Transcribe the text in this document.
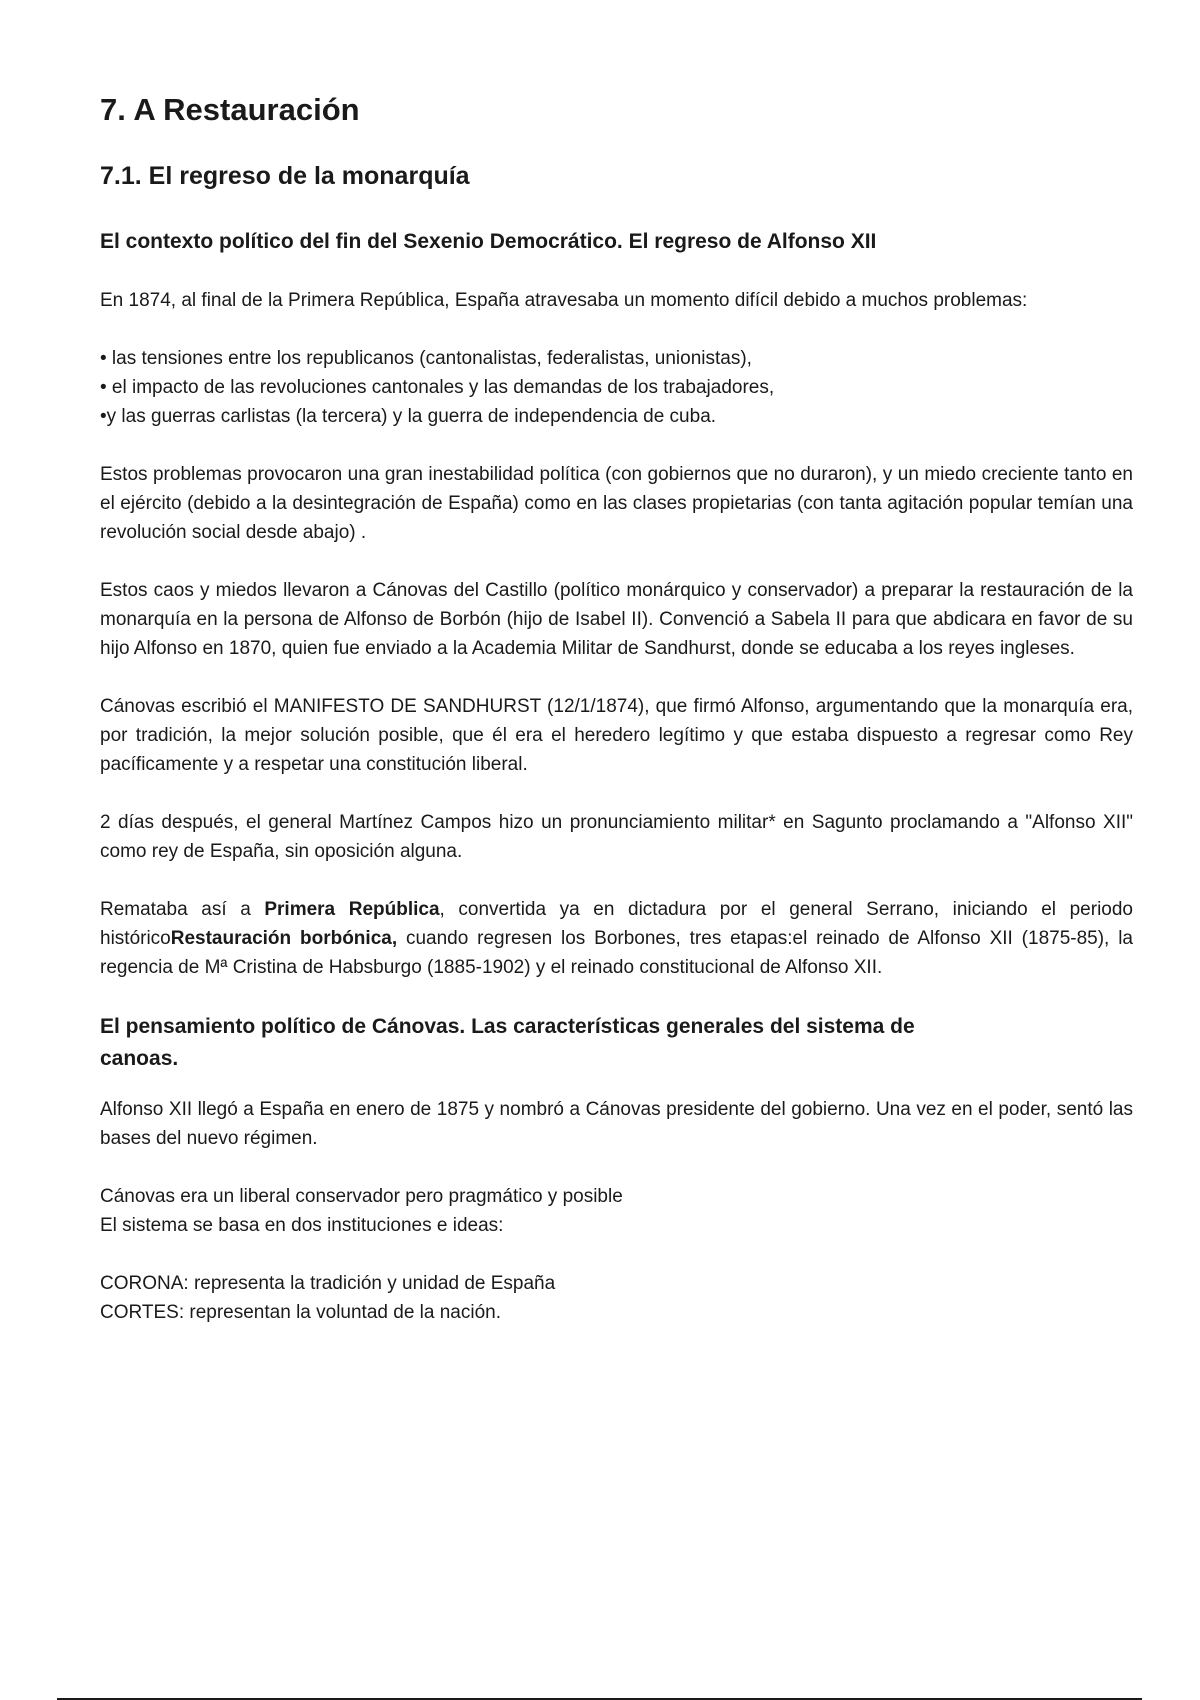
7. A Restauración
7.1. El regreso de la monarquía
El contexto político del fin del Sexenio Democrático. El regreso de Alfonso XII

En 1874, al final de la Primera República, España atravesaba un momento difícil debido a muchos problemas:

• las tensiones entre los republicanos (cantonalistas, federalistas, unionistas),
• el impacto de las revoluciones cantonales y las demandas de los trabajadores,
•y las guerras carlistas (la tercera) y la guerra de independencia de cuba.

Estos problemas provocaron una gran inestabilidad política (con gobiernos que no duraron), y un miedo creciente tanto en el ejército (debido a la desintegración de España) como en las clases propietarias (con tanta agitación popular temían una revolución social desde abajo) .

Estos caos y miedos llevaron a Cánovas del Castillo (político monárquico y conservador) a preparar la restauración de la monarquía en la persona de Alfonso de Borbón (hijo de Isabel II). Convenció a Sabela II para que abdicara en favor de su hijo Alfonso en 1870, quien fue enviado a la Academia Militar de Sandhurst, donde se educaba a los reyes ingleses.

Cánovas escribió el MANIFESTO DE SANDHURST (12/1/1874), que firmó Alfonso, argumentando que la monarquía era, por tradición, la mejor solución posible, que él era el heredero legítimo y que estaba dispuesto a regresar como Rey pacíficamente y a respetar una constitución liberal.

2 días después, el general Martínez Campos hizo un pronunciamiento militar* en Sagunto proclamando a "Alfonso XII" como rey de España, sin oposición alguna.

Remataba así a Primera República, convertida ya en dictadura por el general Serrano, iniciando el periodo históricoRestauración borbónica, cuando regresen los Borbones, tres etapas:el reinado de Alfonso XII (1875-85), la regencia de Mª Cristina de Habsburgo (1885-1902) y el reinado constitucional de Alfonso XII.

El pensamiento político de Cánovas. Las características generales del sistema de
canoas.

Alfonso XII llegó a España en enero de 1875 y nombró a Cánovas presidente del gobierno. Una vez en el poder, sentó las bases del nuevo régimen.

Cánovas era un liberal conservador pero pragmático y posible
El sistema se basa en dos instituciones e ideas:

CORONA: representa la tradición y unidad de España
CORTES: representan la voluntad de la nación.
